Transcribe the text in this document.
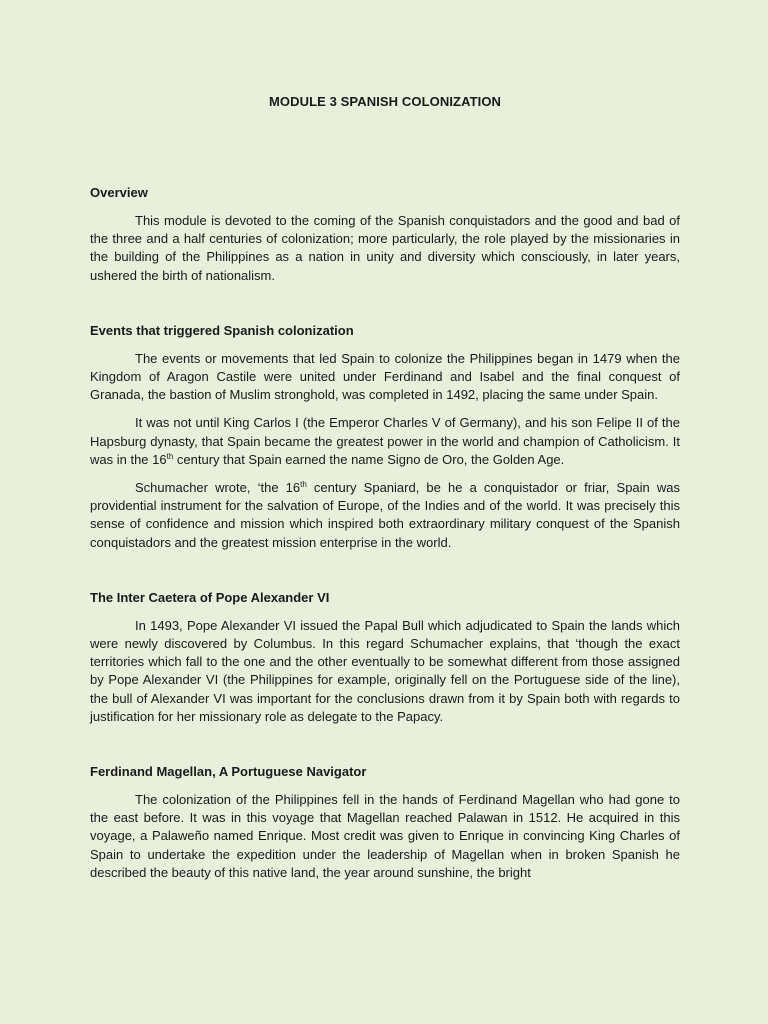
MODULE 3 SPANISH COLONIZATION
Overview

This module is devoted to the coming of the Spanish conquistadors and the good and bad of the three and a half centuries of colonization; more particularly, the role played by the missionaries in the building of the Philippines as a nation in unity and diversity which consciously, in later years, ushered the birth of nationalism.

Events that triggered Spanish colonization

The events or movements that led Spain to colonize the Philippines began in 1479 when the Kingdom of Aragon Castile were united under Ferdinand and Isabel and the final conquest of Granada, the bastion of Muslim stronghold, was completed in 1492, placing the same under Spain.

It was not until King Carlos I (the Emperor Charles V of Germany), and his son Felipe II of the Hapsburg dynasty, that Spain became the greatest power in the world and champion of Catholicism. It was in the 16th century that Spain earned the name Signo de Oro, the Golden Age.

Schumacher wrote, ‘the 16th century Spaniard, be he a conquistador or friar, Spain was providential instrument for the salvation of Europe, of the Indies and of the world. It was precisely this sense of confidence and mission which inspired both extraordinary military conquest of the Spanish conquistadors and the greatest mission enterprise in the world.

The Inter Caetera of Pope Alexander VI

In 1493, Pope Alexander VI issued the Papal Bull which adjudicated to Spain the lands which were newly discovered by Columbus. In this regard Schumacher explains, that ‘though the exact territories which fall to the one and the other eventually to be somewhat different from those assigned by Pope Alexander VI (the Philippines for example, originally fell on the Portuguese side of the line), the bull of Alexander VI was important for the conclusions drawn from it by Spain both with regards to justification for her missionary role as delegate to the Papacy.

Ferdinand Magellan, A Portuguese Navigator

The colonization of the Philippines fell in the hands of Ferdinand Magellan who had gone to the east before. It was in this voyage that Magellan reached Palawan in 1512. He acquired in this voyage, a Palaweño named Enrique. Most credit was given to Enrique in convincing King Charles of Spain to undertake the expedition under the leadership of Magellan when in broken Spanish he described the beauty of this native land, the year around sunshine, the bright
